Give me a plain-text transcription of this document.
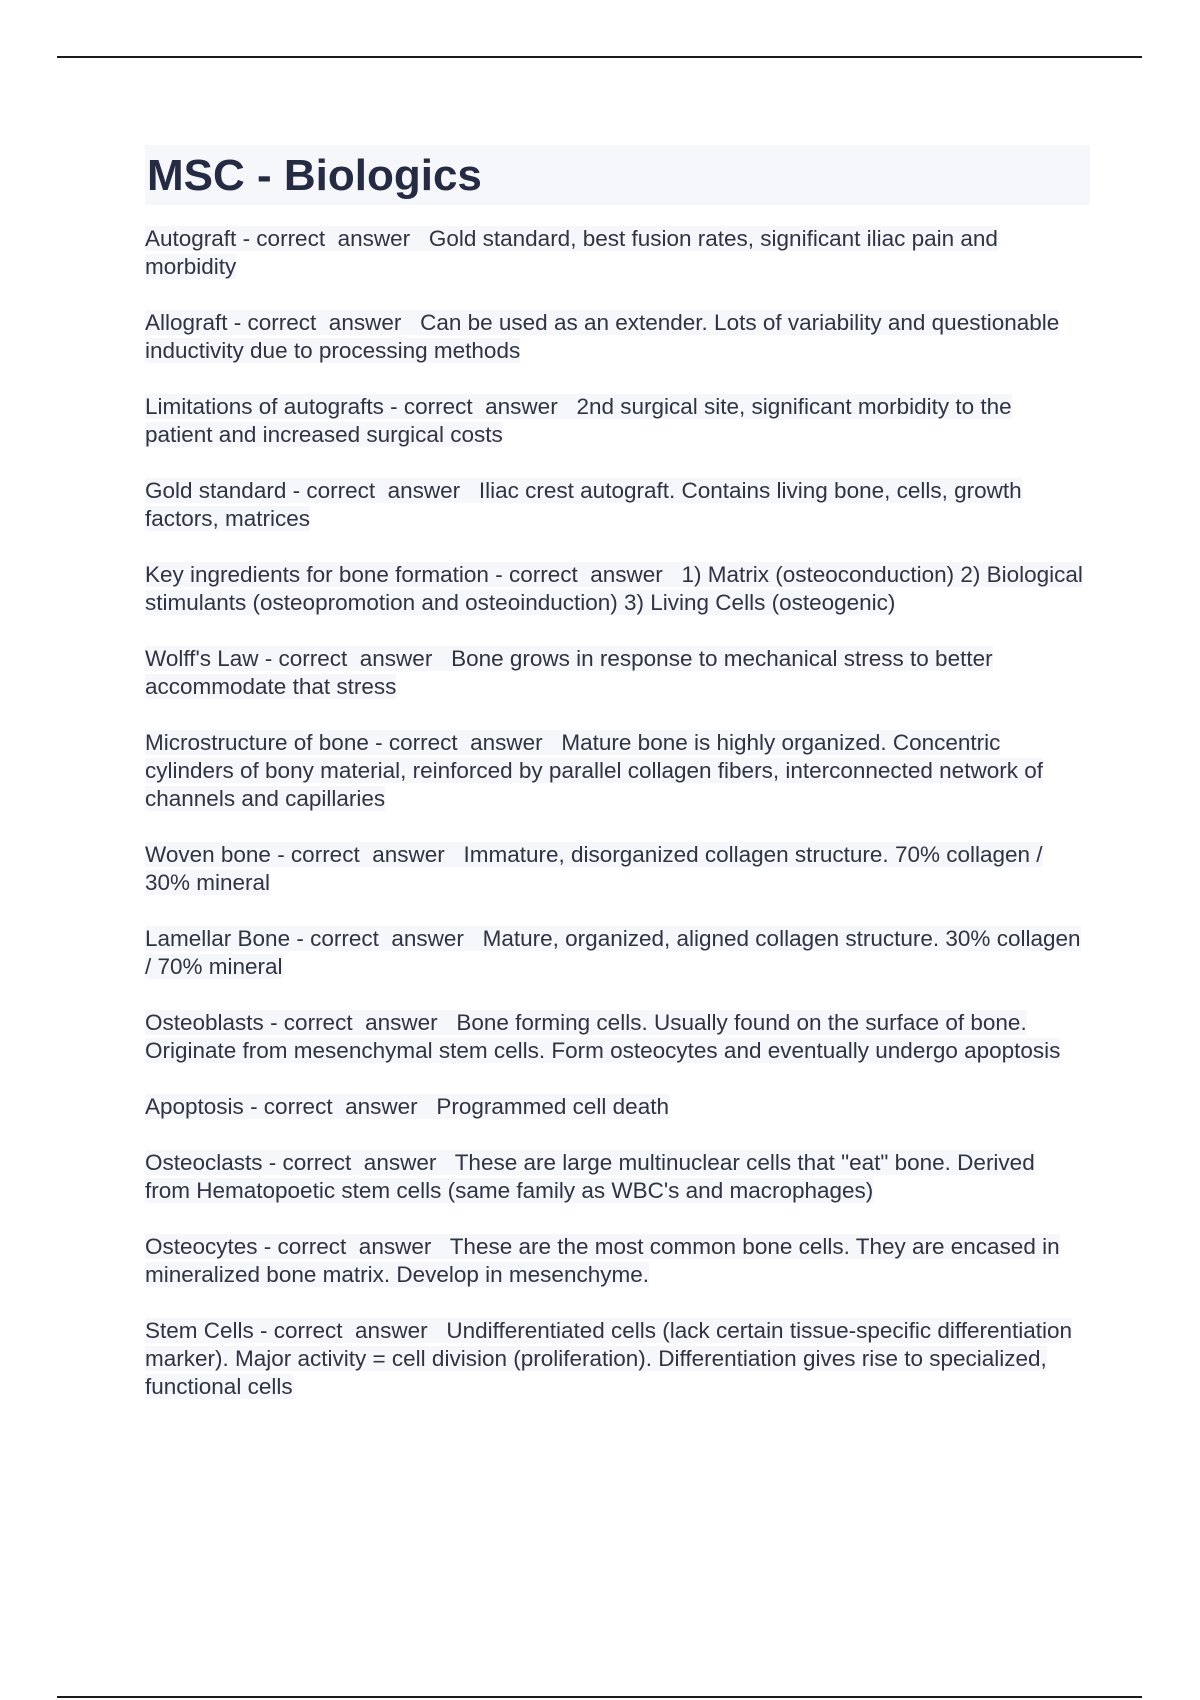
MSC - Biologics

Autograft - correct  answer   Gold standard, best fusion rates, significant iliac pain and morbidity

Allograft - correct  answer   Can be used as an extender. Lots of variability and questionable inductivity due to processing methods

Limitations of autografts - correct  answer   2nd surgical site, significant morbidity to the patient and increased surgical costs

Gold standard - correct  answer   Iliac crest autograft. Contains living bone, cells, growth factors, matrices

Key ingredients for bone formation - correct  answer   1) Matrix (osteoconduction) 2) Biological stimulants (osteopromotion and osteoinduction) 3) Living Cells (osteogenic)

Wolff's Law - correct  answer   Bone grows in response to mechanical stress to better accommodate that stress

Microstructure of bone - correct  answer   Mature bone is highly organized. Concentric cylinders of bony material, reinforced by parallel collagen fibers, interconnected network of channels and capillaries

Woven bone - correct  answer   Immature, disorganized collagen structure. 70% collagen / 30% mineral

Lamellar Bone - correct  answer   Mature, organized, aligned collagen structure. 30% collagen / 70% mineral

Osteoblasts - correct  answer   Bone forming cells. Usually found on the surface of bone. Originate from mesenchymal stem cells. Form osteocytes and eventually undergo apoptosis

Apoptosis - correct  answer   Programmed cell death

Osteoclasts - correct  answer   These are large multinuclear cells that "eat" bone. Derived from Hematopoetic stem cells (same family as WBC's and macrophages)

Osteocytes - correct  answer   These are the most common bone cells. They are encased in mineralized bone matrix. Develop in mesenchyme.

Stem Cells - correct  answer   Undifferentiated cells (lack certain tissue-specific differentiation marker). Major activity = cell division (proliferation). Differentiation gives rise to specialized, functional cells
